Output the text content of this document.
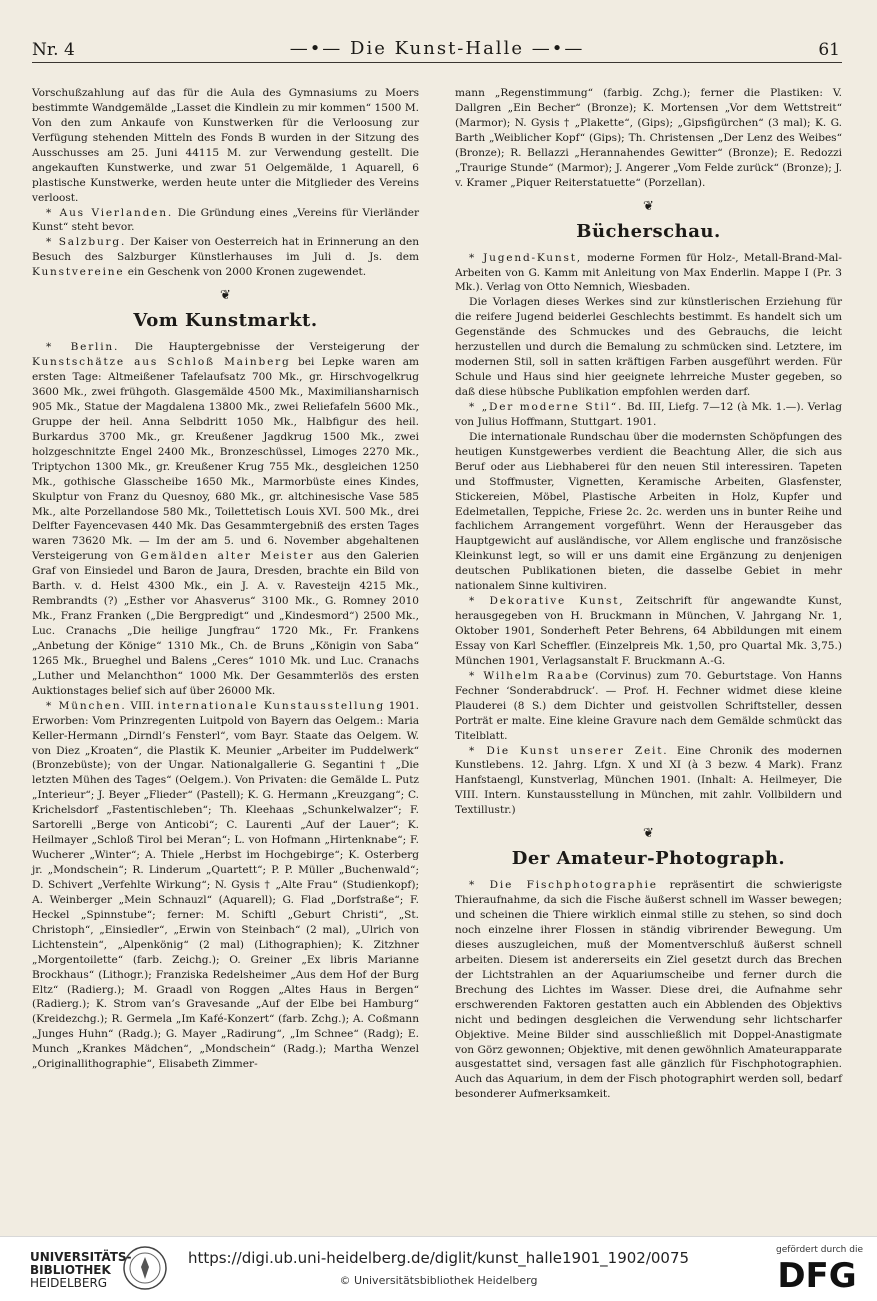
Nr. 4	—•— Die Kunst-Halle —•—	61

Vorschußzahlung auf das für die Aula des Gymnasiums zu Moers bestimmte Wandgemälde „Lasset die Kindlein zu mir kommen“ 1500 M. Von den zum Ankaufe von Kunstwerken für die Verloosung zur Verfügung stehenden Mitteln des Fonds B wurden in der Sitzung des Ausschusses am 25. Juni 44115 M. zur Verwendung gestellt. Die angekauften Kunstwerke, und zwar 51 Oelgemälde, 1 Aquarell, 6 plastische Kunstwerke, werden heute unter die Mitglieder des Vereins verloost.

* Aus Vierlanden. Die Gründung eines „Vereins für Vierländer Kunst“ steht bevor.

* Salzburg. Der Kaiser von Oesterreich hat in Erinnerung an den Besuch des Salzburger Künstlerhauses im Juli d. Js. dem Kunstvereine ein Geschenk von 2000 Kronen zugewendet.

❦
Vom Kunstmarkt.

* Berlin. Die Hauptergebnisse der Versteigerung der Kunstschätze aus Schloß Mainberg bei Lepke waren am ersten Tage: Altmeißener Tafelaufsatz 700 Mk., gr. Hirschvogelkrug 3600 Mk., zwei frühgoth. Glasgemälde 4500 Mk., Maximiliansharnisch 905 Mk., Statue der Magdalena 13800 Mk., zwei Reliefafeln 5600 Mk., Gruppe der heil. Anna Selbdritt 1050 Mk., Halbfigur des heil. Burkardus 3700 Mk., gr. Kreußener Jagdkrug 1500 Mk., zwei holzgeschnitzte Engel 2400 Mk., Bronzeschüssel, Limoges 2270 Mk., Triptychon 1300 Mk., gr. Kreußener Krug 755 Mk., desgleichen 1250 Mk., gothische Glasscheibe 1650 Mk., Marmorbüste eines Kindes, Skulptur von Franz du Quesnoy, 680 Mk., gr. altchinesische Vase 585 Mk., alte Porzellandose 580 Mk., Toilettetisch Louis XVI. 500 Mk., drei Delfter Fayencevasen 440 Mk. Das Gesammtergebniß des ersten Tages waren 73620 Mk. — Im der am 5. und 6. November abgehaltenen Versteigerung von Gemälden alter Meister aus den Galerien Graf von Einsiedel und Baron de Jaura, Dresden, brachte ein Bild von Barth. v. d. Helst 4300 Mk., ein J. A. v. Ravesteijn 4215 Mk., Rembrandts (?) „Esther vor Ahasverus“ 3100 Mk., G. Romney 2010 Mk., Franz Franken („Die Bergpredigt“ und „Kindesmord“) 2500 Mk., Luc. Cranachs „Die heilige Jungfrau“ 1720 Mk., Fr. Frankens „Anbetung der Könige“ 1310 Mk., Ch. de Bruns „Königin von Saba“ 1265 Mk., Brueghel und Balens „Ceres“ 1010 Mk. und Luc. Cranachs „Luther und Melanchthon“ 1000 Mk. Der Gesammterlös des ersten Auktionstages belief sich auf über 26000 Mk.

* München. VIII. internationale Kunstausstellung 1901. Erworben: Vom Prinzregenten Luitpold von Bayern das Oelgem.: Maria Keller-Hermann „Dirndl’s Fensterl“, vom Bayr. Staate das Oelgem. W. von Diez „Kroaten“, die Plastik K. Meunier „Arbeiter im Puddelwerk“ (Bronzebüste); von der Ungar. Nationalgallerie G. Segantini † „Die letzten Mühen des Tages“ (Oelgem.). Von Privaten: die Gemälde L. Putz „Interieur“; J. Beyer „Flieder“ (Pastell); K. G. Hermann „Kreuzgang“; C. Krichelsdorf „Fastentischleben“; Th. Kleehaas „Schunkelwalzer“; F. Sartorelli „Berge von Anticobi“; C. Laurenti „Auf der Lauer“; K. Heilmayer „Schloß Tirol bei Meran“; L. von Hofmann „Hirtenknabe“; F. Wucherer „Winter“; A. Thiele „Herbst im Hochgebirge“; K. Osterberg jr. „Mondschein“; R. Linderum „Quartett“; P. P. Müller „Buchenwald“; D. Schivert „Verfehlte Wirkung“; N. Gysis † „Alte Frau“ (Studienkopf); A. Weinberger „Mein Schnauzl“ (Aquarell); G. Flad „Dorfstraße“; F. Heckel „Spinnstube“; ferner: M. Schiftl „Geburt Christi“, „St. Christoph“, „Einsiedler“, „Erwin von Steinbach“ (2 mal), „Ulrich von Lichtenstein“, „Alpenkönig“ (2 mal) (Lithographien); K. Zitzhner „Morgentoilette“ (farb. Zeichg.); O. Greiner „Ex libris Marianne Brockhaus“ (Lithogr.); Franziska Redelsheimer „Aus dem Hof der Burg Eltz“ (Radierg.); M. Graadl von Roggen „Altes Haus in Bergen“ (Radierg.); K. Strom van’s Gravesande „Auf der Elbe bei Hamburg“ (Kreidezchg.); R. Germela „Im Kafé-Konzert“ (farb. Zchg.); A. Coßmann „Junges Huhn“ (Radg.); G. Mayer „Radirung“, „Im Schnee“ (Radg); E. Munch „Krankes Mädchen“, „Mondschein“ (Radg.); Martha Wenzel „Originallithographie“, Elisabeth Zimmer-

mann „Regenstimmung“ (farbig. Zchg.); ferner die Plastiken: V. Dallgren „Ein Becher“ (Bronze); K. Mortensen „Vor dem Wettstreit“ (Marmor); N. Gysis † „Plakette“, (Gips); „Gipsfigürchen“ (3 mal); K. G. Barth „Weiblicher Kopf“ (Gips); Th. Christensen „Der Lenz des Weibes“ (Bronze); R. Bellazzi „Herannahendes Gewitter“ (Bronze); E. Redozzi „Traurige Stunde“ (Marmor); J. Angerer „Vom Felde zurück“ (Bronze); J. v. Kramer „Piquer Reiterstatuette“ (Porzellan).

❦
Bücherschau.

* Jugend-Kunst, moderne Formen für Holz-, Metall-Brand-Mal-Arbeiten von G. Kamm mit Anleitung von Max Enderlin. Mappe I (Pr. 3 Mk.). Verlag von Otto Nemnich, Wiesbaden.

Die Vorlagen dieses Werkes sind zur künstlerischen Erziehung für die reifere Jugend beiderlei Geschlechts bestimmt. Es handelt sich um Gegenstände des Schmuckes und des Gebrauchs, die leicht herzustellen und durch die Bemalung zu schmücken sind. Letztere, im modernen Stil, soll in satten kräftigen Farben ausgeführt werden. Für Schule und Haus sind hier geeignete lehrreiche Muster gegeben, so daß diese hübsche Publikation empfohlen werden darf.

* „Der moderne Stil“. Bd. III, Liefg. 7—12 (à Mk. 1.—). Verlag von Julius Hoffmann, Stuttgart. 1901.

Die internationale Rundschau über die modernsten Schöpfungen des heutigen Kunstgewerbes verdient die Beachtung Aller, die sich aus Beruf oder aus Liebhaberei für den neuen Stil interessiren. Tapeten und Stoffmuster, Vignetten, Keramische Arbeiten, Glasfenster, Stickereien, Möbel, Plastische Arbeiten in Holz, Kupfer und Edelmetallen, Teppiche, Friese 2c. 2c. werden uns in bunter Reihe und fachlichem Arrangement vorgeführt. Wenn der Herausgeber das Hauptgewicht auf ausländische, vor Allem englische und französische Kleinkunst legt, so will er uns damit eine Ergänzung zu denjenigen deutschen Publikationen bieten, die dasselbe Gebiet in mehr nationalem Sinne kultiviren.

* Dekorative Kunst, Zeitschrift für angewandte Kunst, herausgegeben von H. Bruckmann in München, V. Jahrgang Nr. 1, Oktober 1901, Sonderheft Peter Behrens, 64 Abbildungen mit einem Essay von Karl Scheffler. (Einzelpreis Mk. 1,50, pro Quartal Mk. 3,75.) München 1901, Verlagsanstalt F. Bruckmann A.-G.

* Wilhelm Raabe (Corvinus) zum 70. Geburtstage. Von Hanns Fechner ‘Sonderabdruck’. — Prof. H. Fechner widmet diese kleine Plauderei (8 S.) dem Dichter und geistvollen Schriftsteller, dessen Porträt er malte. Eine kleine Gravure nach dem Gemälde schmückt das Titelblatt.

* Die Kunst unserer Zeit. Eine Chronik des modernen Kunstlebens. 12. Jahrg. Lfgn. X und XI (à 3 bezw. 4 Mark). Franz Hanfstaengl, Kunstverlag, München 1901. (Inhalt: A. Heilmeyer, Die VIII. Intern. Kunstausstellung in München, mit zahlr. Vollbildern und Textillustr.)

❦
Der Amateur-Photograph.

* Die Fischphotographie repräsentirt die schwierigste Thieraufnahme, da sich die Fische äußerst schnell im Wasser bewegen; und scheinen die Thiere wirklich einmal stille zu stehen, so sind doch noch einzelne ihrer Flossen in ständig vibrirender Bewegung. Um dieses auszugleichen, muß der Momentverschluß äußerst schnell arbeiten. Diesem ist andererseits ein Ziel gesetzt durch das Brechen der Lichtstrahlen an der Aquariumscheibe und ferner durch die Brechung des Lichtes im Wasser. Diese drei, die Aufnahme sehr erschwerenden Faktoren gestatten auch ein Abblenden des Objektivs nicht und bedingen desgleichen die Verwendung sehr lichtscharfer Objektive. Meine Bilder sind ausschließlich mit Doppel-Anastigmate von Görz gewonnen; Objektive, mit denen gewöhnlich Amateurapparate ausgestattet sind, versagen fast alle gänzlich für Fischphotographien. Auch das Aquarium, in dem der Fisch photographirt werden soll, bedarf besonderer Aufmerksamkeit.

UNIVERSITÄTS-
BIBLIOTHEK
HEIDELBERG
https://digi.ub.uni-heidelberg.de/diglit/kunst_halle1901_1902/0075
© Universitätsbibliothek Heidelberg
gefördert durch die
DFG
